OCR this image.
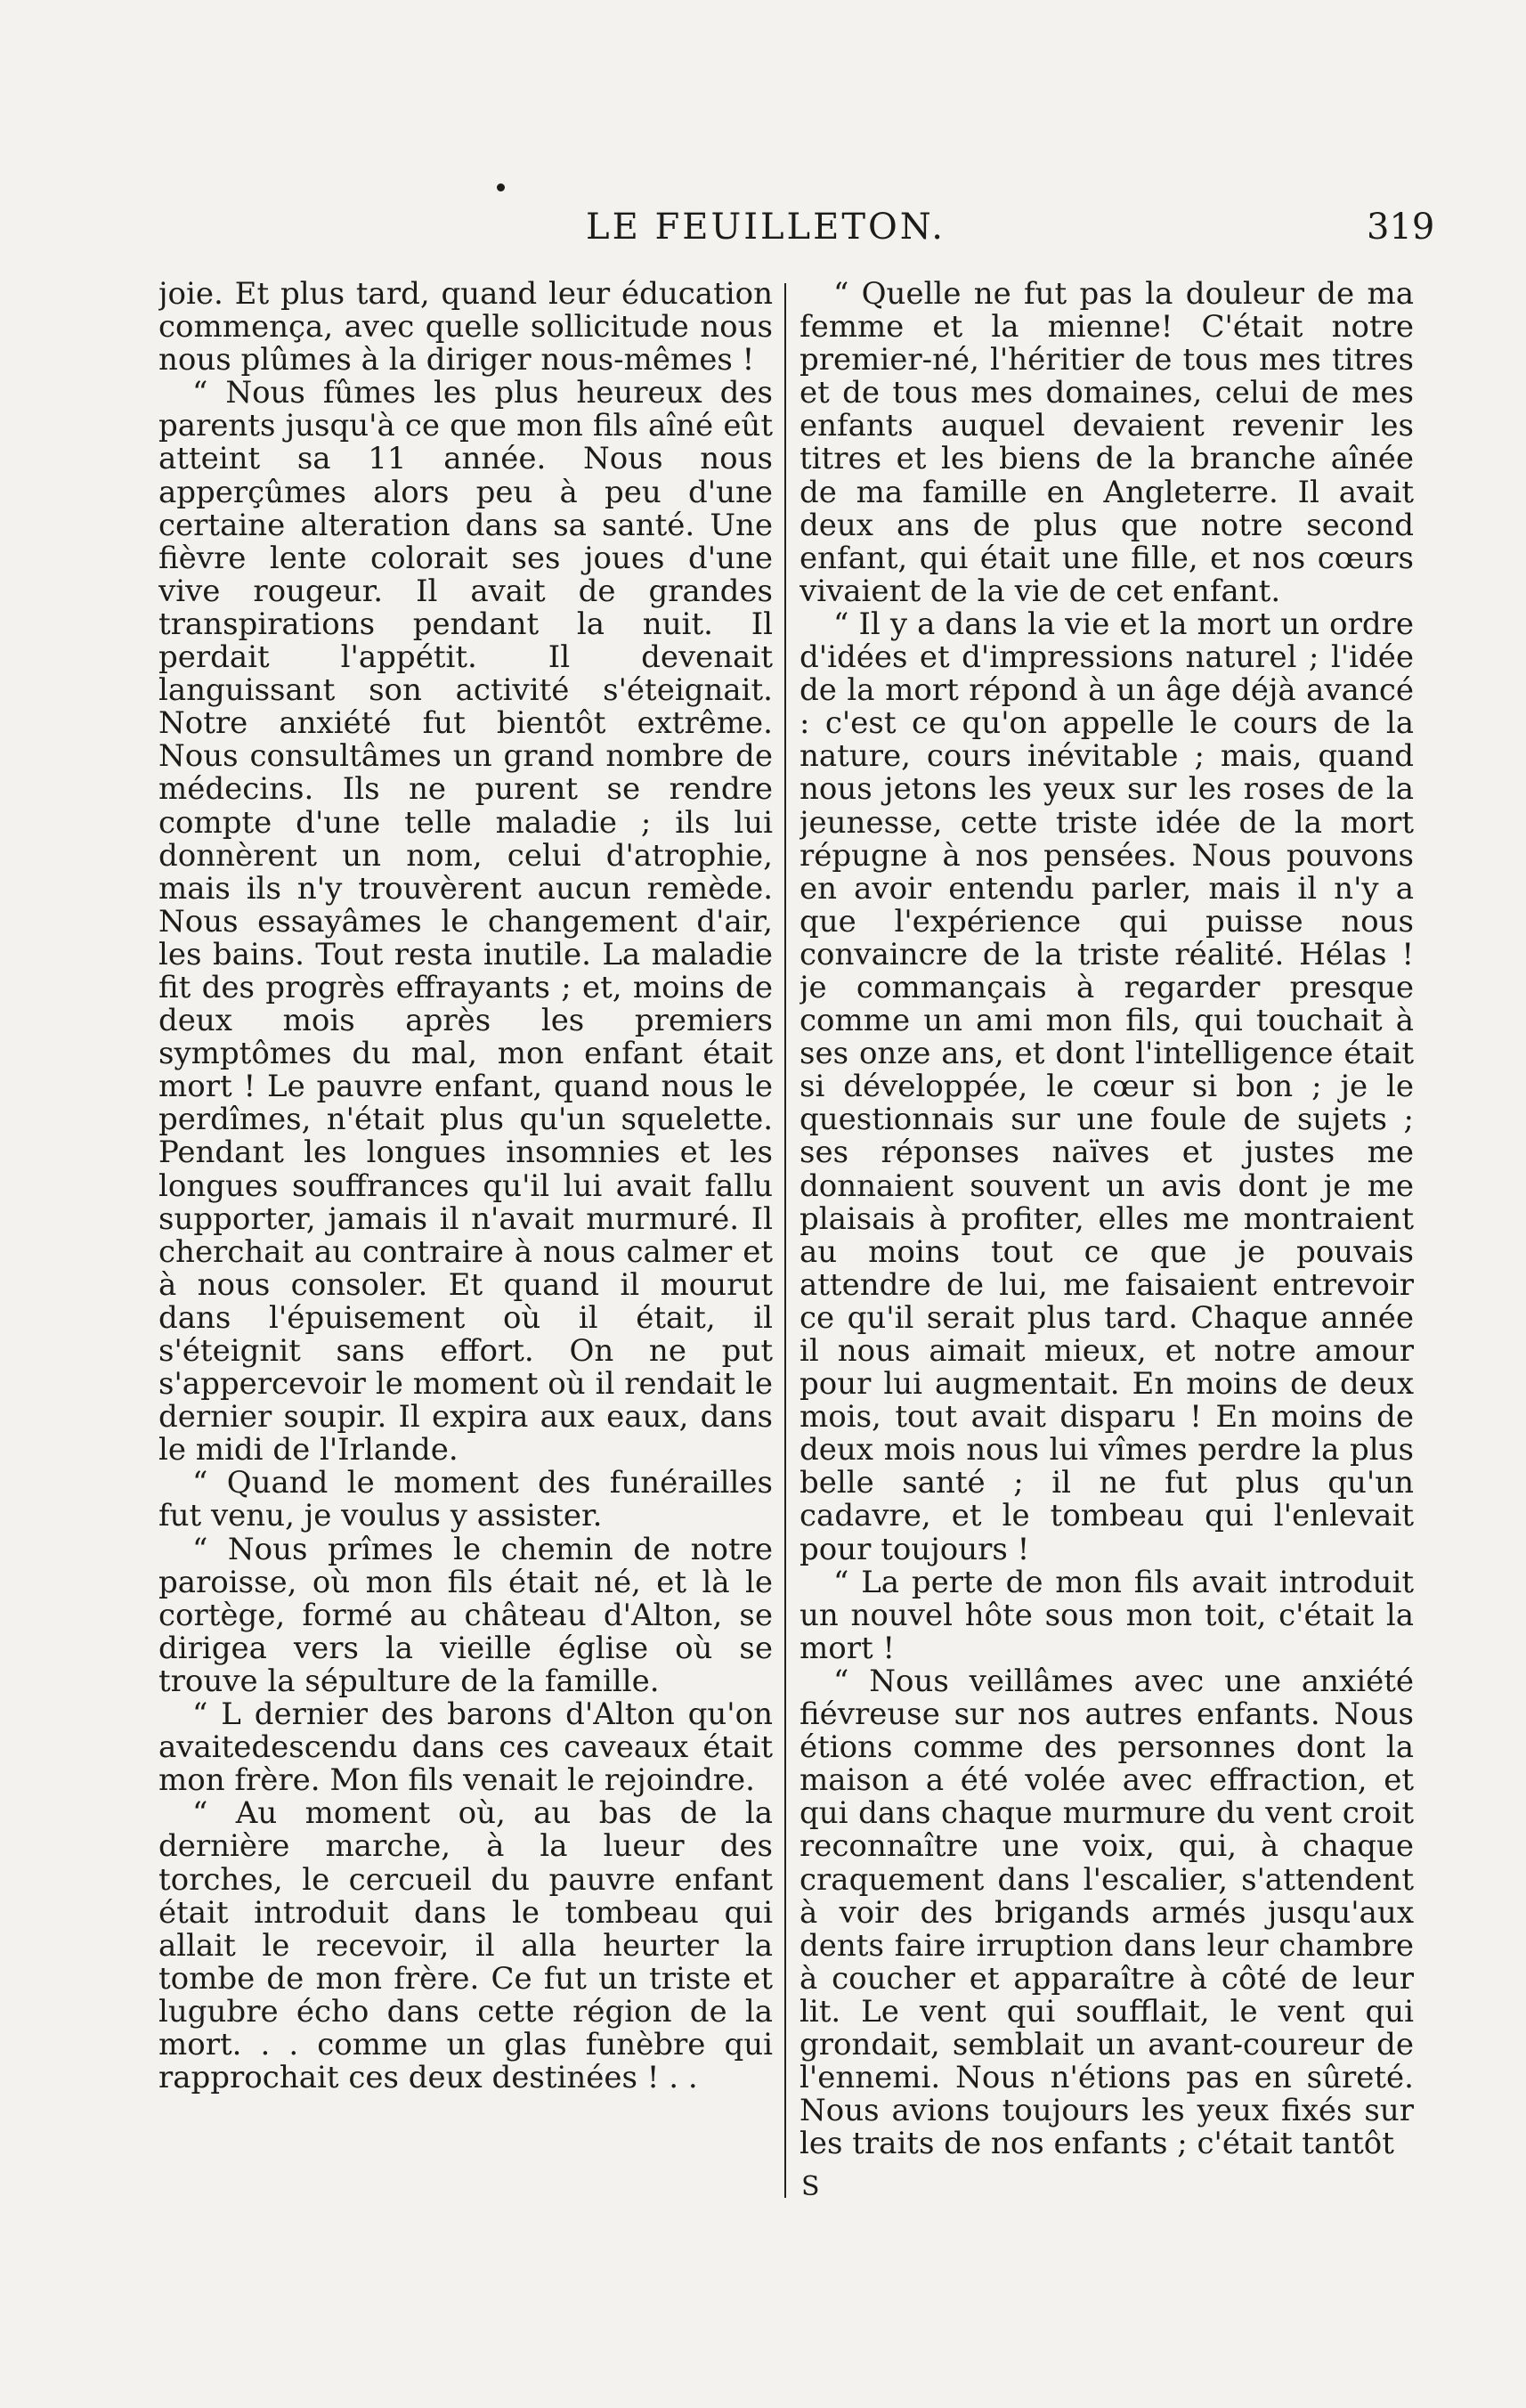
LE FEUILLETON.	319

joie. Et plus tard, quand leur éducation commença, avec quelle sollicitude nous nous plûmes à la diriger nous-mêmes !

“ Nous fûmes les plus heureux des parents jusqu'à ce que mon fils aîné eût atteint sa 11 année. Nous nous apperçûmes alors peu à peu d'une certaine alteration dans sa santé. Une fièvre lente colorait ses joues d'une vive rougeur. Il avait de grandes transpirations pendant la nuit. Il perdait l'appétit. Il devenait languissant son activité s'éteignait. Notre anxiété fut bientôt extrême. Nous consultâmes un grand nombre de médecins. Ils ne purent se rendre compte d'une telle maladie ; ils lui donnèrent un nom, celui d'atrophie, mais ils n'y trouvèrent aucun remède. Nous essayâmes le changement d'air, les bains. Tout resta inutile. La maladie fit des progrès effrayants ; et, moins de deux mois après les premiers symptômes du mal, mon enfant était mort ! Le pauvre enfant, quand nous le perdîmes, n'était plus qu'un squelette. Pendant les longues insomnies et les longues souffrances qu'il lui avait fallu supporter, jamais il n'avait murmuré. Il cherchait au contraire à nous calmer et à nous consoler. Et quand il mourut dans l'épuisement où il était, il s'éteignit sans effort. On ne put s'appercevoir le moment où il rendait le dernier soupir. Il expira aux eaux, dans le midi de l'Irlande.

“ Quand le moment des funérailles fut venu, je voulus y assister.

“ Nous prîmes le chemin de notre paroisse, où mon fils était né, et là le cortège, formé au château d'Alton, se dirigea vers la vieille église où se trouve la sépulture de la famille.

“ L dernier des barons d'Alton qu'on avaitedescendu dans ces caveaux était mon frère. Mon fils venait le rejoindre.

“ Au moment où, au bas de la dernière marche, à la lueur des torches, le cercueil du pauvre enfant était introduit dans le tombeau qui allait le recevoir, il alla heurter la tombe de mon frère. Ce fut un triste et lugubre écho dans cette région de la mort. . . comme un glas funèbre qui rapprochait ces deux destinées ! . .

“ Quelle ne fut pas la douleur de ma femme et la mienne! C'était notre premier-né, l'héritier de tous mes titres et de tous mes domaines, celui de mes enfants auquel devaient revenir les titres et les biens de la branche aînée de ma famille en Angleterre. Il avait deux ans de plus que notre second enfant, qui était une fille, et nos cœurs vivaient de la vie de cet enfant.

“ Il y a dans la vie et la mort un ordre d'idées et d'impressions naturel ; l'idée de la mort répond à un âge déjà avancé : c'est ce qu'on appelle le cours de la nature, cours inévitable ; mais, quand nous jetons les yeux sur les roses de la jeunesse, cette triste idée de la mort répugne à nos pensées. Nous pouvons en avoir entendu parler, mais il n'y a que l'expérience qui puisse nous convaincre de la triste réalité. Hélas ! je commançais à regarder presque comme un ami mon fils, qui touchait à ses onze ans, et dont l'intelligence était si développée, le cœur si bon ; je le questionnais sur une foule de sujets ; ses réponses naïves et justes me donnaient souvent un avis dont je me plaisais à profiter, elles me montraient au moins tout ce que je pouvais attendre de lui, me faisaient entrevoir ce qu'il serait plus tard. Chaque année il nous aimait mieux, et notre amour pour lui augmentait. En moins de deux mois, tout avait disparu ! En moins de deux mois nous lui vîmes perdre la plus belle santé ; il ne fut plus qu'un cadavre, et le tombeau qui l'enlevait pour toujours !

“ La perte de mon fils avait introduit un nouvel hôte sous mon toit, c'était la mort !

“ Nous veillâmes avec une anxiété fiévreuse sur nos autres enfants. Nous étions comme des personnes dont la maison a été volée avec effraction, et qui dans chaque murmure du vent croit reconnaître une voix, qui, à chaque craquement dans l'escalier, s'attendent à voir des brigands armés jusqu'aux dents faire irruption dans leur chambre à coucher et apparaître à côté de leur lit. Le vent qui soufflait, le vent qui grondait, semblait un avant-coureur de l'ennemi. Nous n'étions pas en sûreté. Nous avions toujours les yeux fixés sur les traits de nos enfants ; c'était tantôt

S
